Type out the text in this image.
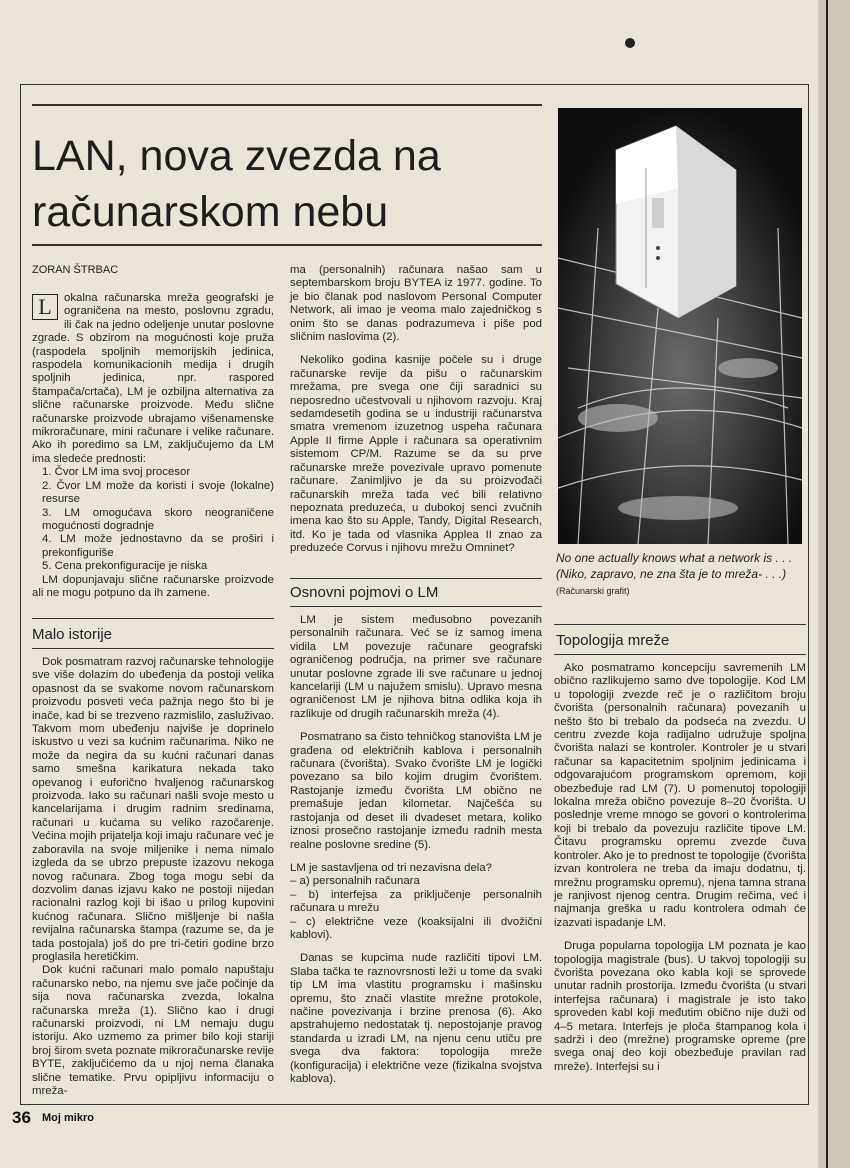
LAN, nova zvezda na računarskom nebu
ZORAN ŠTRBAC

L	okalna računarska mreža geografski je ograničena na mesto, poslovnu zgradu, ili čak na jedno odeljenje unutar poslovne zgrade. S obzirom na mogućnosti koje pruža (raspodela spoljnih memorijskih jedinica, raspodela komunikacionih medija i drugih spoljnih jedinica, npr. raspored štampača/crtača), LM je ozbiljna alternativa za slične računarske proizvode. Među slične računarske proizvode ubrajamo višenamenske mikroračunare, mini računare i velike računare. Ako ih poredimo sa LM, zaključujemo da LM ima sledeće prednosti:

1. Čvor LM ima svoj procesor

2. Čvor LM može da koristi i svoje (lokalne) resurse

3. LM omogućava skoro neograničene mogućnosti dogradnje

4. LM može jednostavno da se proširi i prekonfiguriše

5. Cena prekonfiguracije je niska

LM dopunjavaju slične računarske proizvode ali ne mogu potpuno da ih zamene.

Malo istorije

Dok posmatram razvoj računarske tehnologije sve više dolazim do ubeđenja da postoji velika opasnost da se svakome novom računarskom proizvodu posveti veća pažnja nego što bi je inače, kad bi se trezveno razmislilo, zasluživao. Takvom mom ubeđenju najviše je doprinelo iskustvo u vezi sa kućnim računarima. Niko ne može da negira da su kućni računari danas samo smešna karikatura nekada tako opevanog i euforično hvaljenog računarskog proizvoda. Iako su računari našli svoje mesto u kancelarijama i drugim radnim sredinama, računari u kućama su veliko razočarenje. Većina mojih prijatelja koji imaju računare već je zaboravila na svoje miljenike i nema nimalo izgleda da se ubrzo prepuste izazovu nekoga novog računara. Zbog toga mogu sebi da dozvolim danas izjavu kako ne postoji nijedan racionalni razlog koji bi išao u prilog kupovini kućnog računara. Slično mišljenje bi našla revijalna računarska štampa (razume se, da je tada postojala) još do pre tri-četiri godine brzo proglasila heretičkim.

Dok kućni računari malo pomalo napuštaju računarsko nebo, na njemu sve jače počinje da sija nova računarska zvezda, lokalna računarska mreža (1). Slično kao i drugi računarski proizvodi, ni LM nemaju dugu istoriju. Ako uzmemo za primer bilo koji stariji broj širom sveta poznate mikroračunarske revije BYTE, zaključićemo da u njoj nema članaka slične tematike. Prvu opipljivu informaciju o mreža-

ma (personalnih) računara našao sam u septembarskom broju BYTEA iz 1977. godine. To je bio članak pod naslovom Personal Computer Network, ali imao je veoma malo zajedničkog s onim što se danas podrazumeva i piše pod sličnim naslovima (2).

Nekoliko godina kasnije počele su i druge računarske revije da pišu o računarskim mrežama, pre svega one čiji saradnici su neposredno učestvovali u njihovom razvoju. Kraj sedamdesetih godina se u industriji računarstva smatra vremenom izuzetnog uspeha računara Apple II firme Apple i računara sa operativnim sistemom CP/M. Razume se da su prve računarske mreže povezivale upravo pomenute računare. Zanimljivo je da su proizvođači računarskih mreža tada već bili relativno nepoznata preduzeća, u dubokoj senci zvučnih imena kao što su Apple, Tandy, Digital Research, itd. Ko je tada od vlasnika Applea II znao za preduzeće Corvus i njihovu mrežu Omninet?

Osnovni pojmovi o LM

LM je sistem međusobno povezanih personalnih računara. Već se iz samog imena vidila LM povezuje računare geografski ograničenog područja, na primer sve računare unutar poslovne zgrade ili sve računare u jednoj kancelariji (LM u najužem smislu). Upravo mesna ograničenost LM je njihova bitna odlika koja ih razlikuje od drugih računarskih mreža (4).

Posmatrano sa čisto tehničkog stanovišta LM je građena od električnih kablova i personalnih računara (čvorišta). Svako čvorište LM je logički povezano sa bilo kojim drugim čvorištem. Rastojanje između čvorišta LM obično ne premašuje jedan kilometar. Najčešća su rastojanja od deset ili dvadeset metara, koliko iznosi prosečno rastojanje između radnih mesta realne poslovne sredine (5).

LM je sastavljena od tri nezavisna dela?

– a) personalnih računara

– b) interfejsa za priključenje personalnih računara u mrežu

– c) električne veze (koaksijalni ili dvožični kablovi).

Danas se kupcima nude različiti tipovi LM. Slaba tačka te raznovrsnosti leži u tome da svaki tip LM ima vlastitu programsku i mašinsku opremu, što znači vlastite mrežne protokole, načine povezivanja i brzine prenosa (6). Ako apstrahujemo nedostatak tj. nepostojanje pravog standarda u izradi LM, na njenu cenu utiču pre svega dva faktora: topologija mreže (konfiguracija) i električne veze (fizikalna svojstva kablova).

No one actually knows what a network is . . . (Niko, zapravo, ne zna šta je to mreža- . . .) (Računarski grafit)
Topologija mreže

Ako posmatramo koncepciju savremenih LM obično razlikujemo samo dve topologije. Kod LM u topologiji zvezde reč je o različitom broju čvorišta (personalnih računara) povezanih u nešto što bi trebalo da podseća na zvezdu. U centru zvezde koja radijalno udružuje spoljna čvorišta nalazi se kontroler. Kontroler je u stvari računar sa kapacitetnim spoljnim jedinicama i odgovarajućom programskom opremom, koji obezbeđuje rad LM (7). U pomenutoj topologiji lokalna mreža obično povezuje 8–20 čvorišta. U poslednje vreme mnogo se govori o kontrolerima koji bi trebalo da povezuju različite tipove LM. Čitavu programsku opremu zvezde čuva kontroler. Ako je to prednost te topologije (čvorišta izvan kontrolera ne treba da imaju dodatnu, tj. mrežnu programsku opremu), njena tamna strana je ranjivost njenog centra. Drugim rečima, već i najmanja greška u radu kontrolera odmah će izazvati ispadanje LM.

Druga popularna topologija LM poznata je kao topologija magistrale (bus). U takvoj topologiji su čvorišta povezana oko kabla koji se sprovede unutar radnih prostorija. Između čvorišta (u stvari interfejsa računara) i magistrale je isto tako sproveden kabl koji međutim obično nije duži od 4–5 metara. Interfejs je ploča štampanog kola i sadrži i deo (mrežne) programske opreme (pre svega onaj deo koji obezbeđuje pravilan rad mreže). Interfejsi su i

36 Moj mikro
